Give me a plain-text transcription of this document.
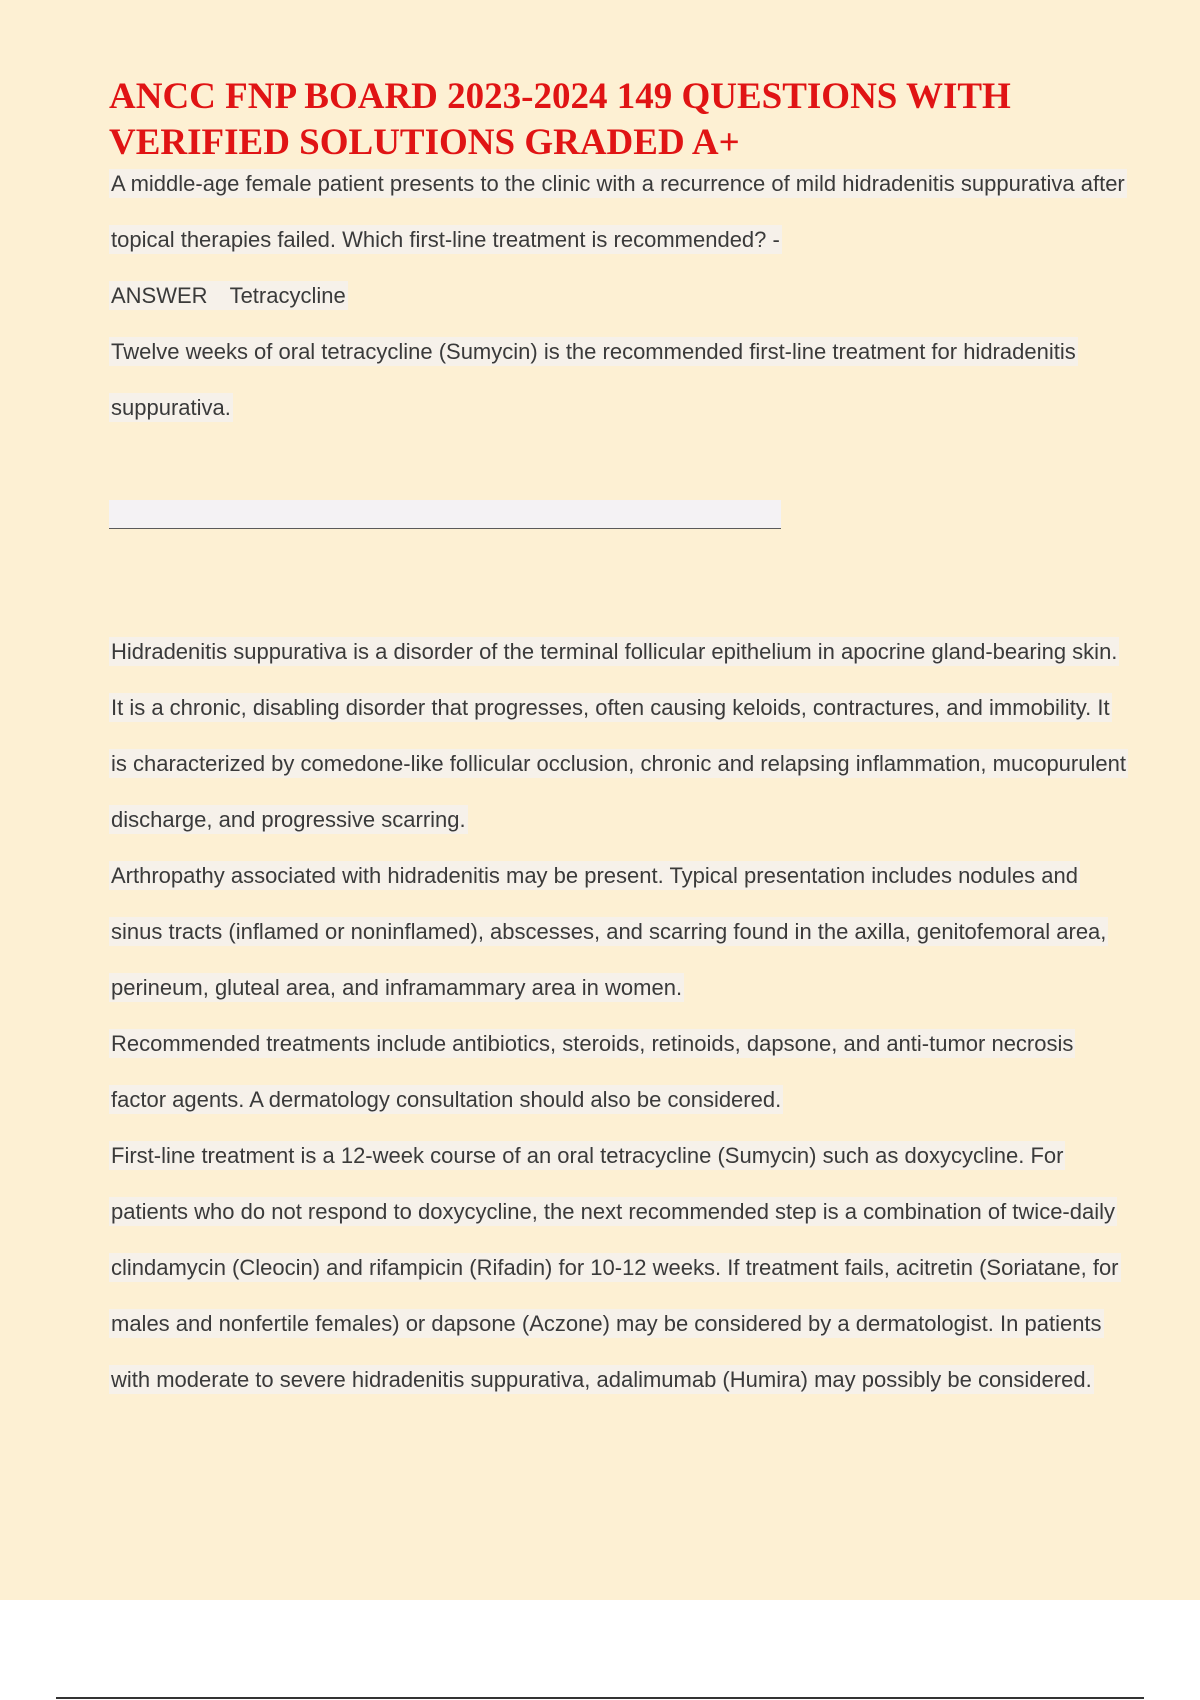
ANCC FNP BOARD 2023-2024 149 QUESTIONS WITH VERIFIED SOLUTIONS GRADED A+

A middle-age female patient presents to the clinic with a recurrence of mild hidradenitis suppurativa after topical therapies failed. Which first-line treatment is recommended? -

ANSWER Tetracycline

Twelve weeks of oral tetracycline (Sumycin) is the recommended first-line treatment for hidradenitis suppurativa.

Hidradenitis suppurativa is a disorder of the terminal follicular epithelium in apocrine gland-bearing skin. It is a chronic, disabling disorder that progresses, often causing keloids, contractures, and immobility. It is characterized by comedone-like follicular occlusion, chronic and relapsing inflammation, mucopurulent discharge, and progressive scarring.

Arthropathy associated with hidradenitis may be present. Typical presentation includes nodules and sinus tracts (inflamed or noninflamed), abscesses, and scarring found in the axilla, genitofemoral area, perineum, gluteal area, and inframammary area in women.

Recommended treatments include antibiotics, steroids, retinoids, dapsone, and anti-tumor necrosis factor agents. A dermatology consultation should also be considered.

First-line treatment is a 12-week course of an oral tetracycline (Sumycin) such as doxycycline. For patients who do not respond to doxycycline, the next recommended step is a combination of twice-daily clindamycin (Cleocin) and rifampicin (Rifadin) for 10-12 weeks. If treatment fails, acitretin (Soriatane, for males and nonfertile females) or dapsone (Aczone) may be considered by a dermatologist. In patients with moderate to severe hidradenitis suppurativa, adalimumab (Humira) may possibly be considered.
